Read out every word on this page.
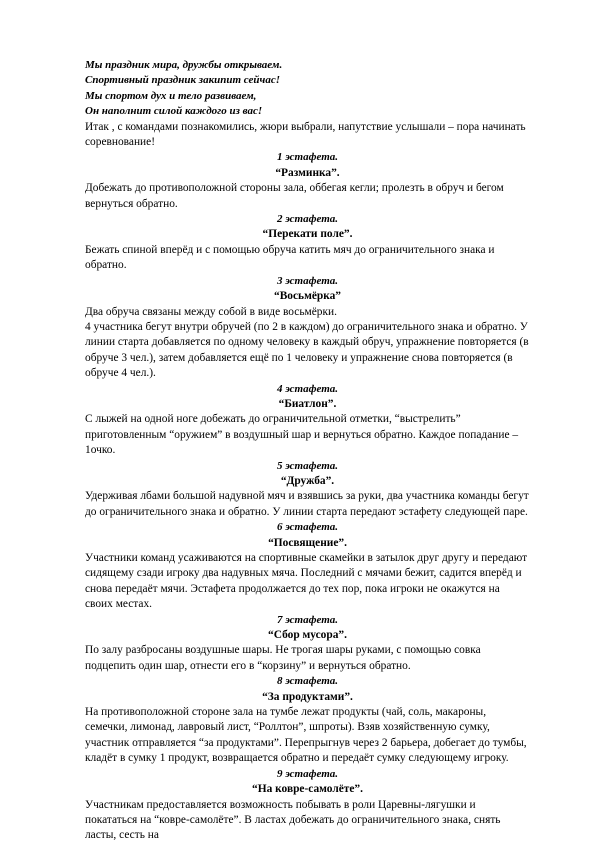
Мы праздник мира, дружбы открываем.

Спортивный праздник закипит сейчас!

Мы спортом дух и тело развиваем,

Он наполнит силой каждого из вас!

Итак , с командами познакомились, жюри выбрали, напутствие услышали – пора начинать соревнование!

1 эстафета.

“Разминка”.

Добежать до противоположной стороны зала, оббегая кегли; пролезть в обруч и бегом вернуться обратно.

2 эстафета.

“Перекати поле”.

Бежать спиной вперёд и с помощью обруча катить мяч до ограничительного знака и обратно.

3 эстафета.

“Восьмёрка”

Два обруча связаны между собой в виде восьмёрки.

4 участника бегут внутри обручей (по 2 в каждом) до ограничительного знака и обратно. У линии старта добавляется по одному человеку в каждый обруч, упражнение повторяется (в обруче 3 чел.), затем добавляется ещё по 1 человеку и упражнение снова повторяется (в обруче 4 чел.).

4 эстафета.

“Биатлон”.

С лыжей на одной ноге добежать до ограничительной отметки, “выстрелить” приготовленным “оружием” в воздушный шар и вернуться обратно. Каждое попадание – 1очко.

5 эстафета.

“Дружба”.

Удерживая лбами большой надувной мяч и взявшись за руки, два участника команды бегут до ограничительного знака и обратно. У линии старта передают эстафету следующей паре.

6 эстафета.

“Посвящение”.

Участники команд усаживаются на спортивные скамейки в затылок друг другу и передают сидящему сзади игроку два надувных мяча. Последний с мячами бежит, садится вперёд и снова передаёт мячи. Эстафета продолжается до тех пор, пока игроки не окажутся на своих местах.

7 эстафета.

“Сбор мусора”.

По залу разбросаны воздушные шары. Не трогая шары руками, с помощью совка подцепить один шар, отнести его в “корзину” и вернуться обратно.

8 эстафета.

“За продуктами”.

На противоположной стороне зала на тумбе лежат продукты (чай, соль, макароны, семечки, лимонад, лавровый лист, “Роллтон”, шпроты). Взяв хозяйственную сумку, участник отправляется “за продуктами”. Перепрыгнув через 2 барьера, добегает до тумбы, кладёт в сумку 1 продукт, возвращается обратно и передаёт сумку следующему игроку.

9 эстафета.

“На ковре-самолёте”.

Участникам предоставляется возможность побывать в роли Царевны-лягушки и покататься на “ковре-самолёте”. В ластах добежать до ограничительного знака, снять ласты, сесть на
